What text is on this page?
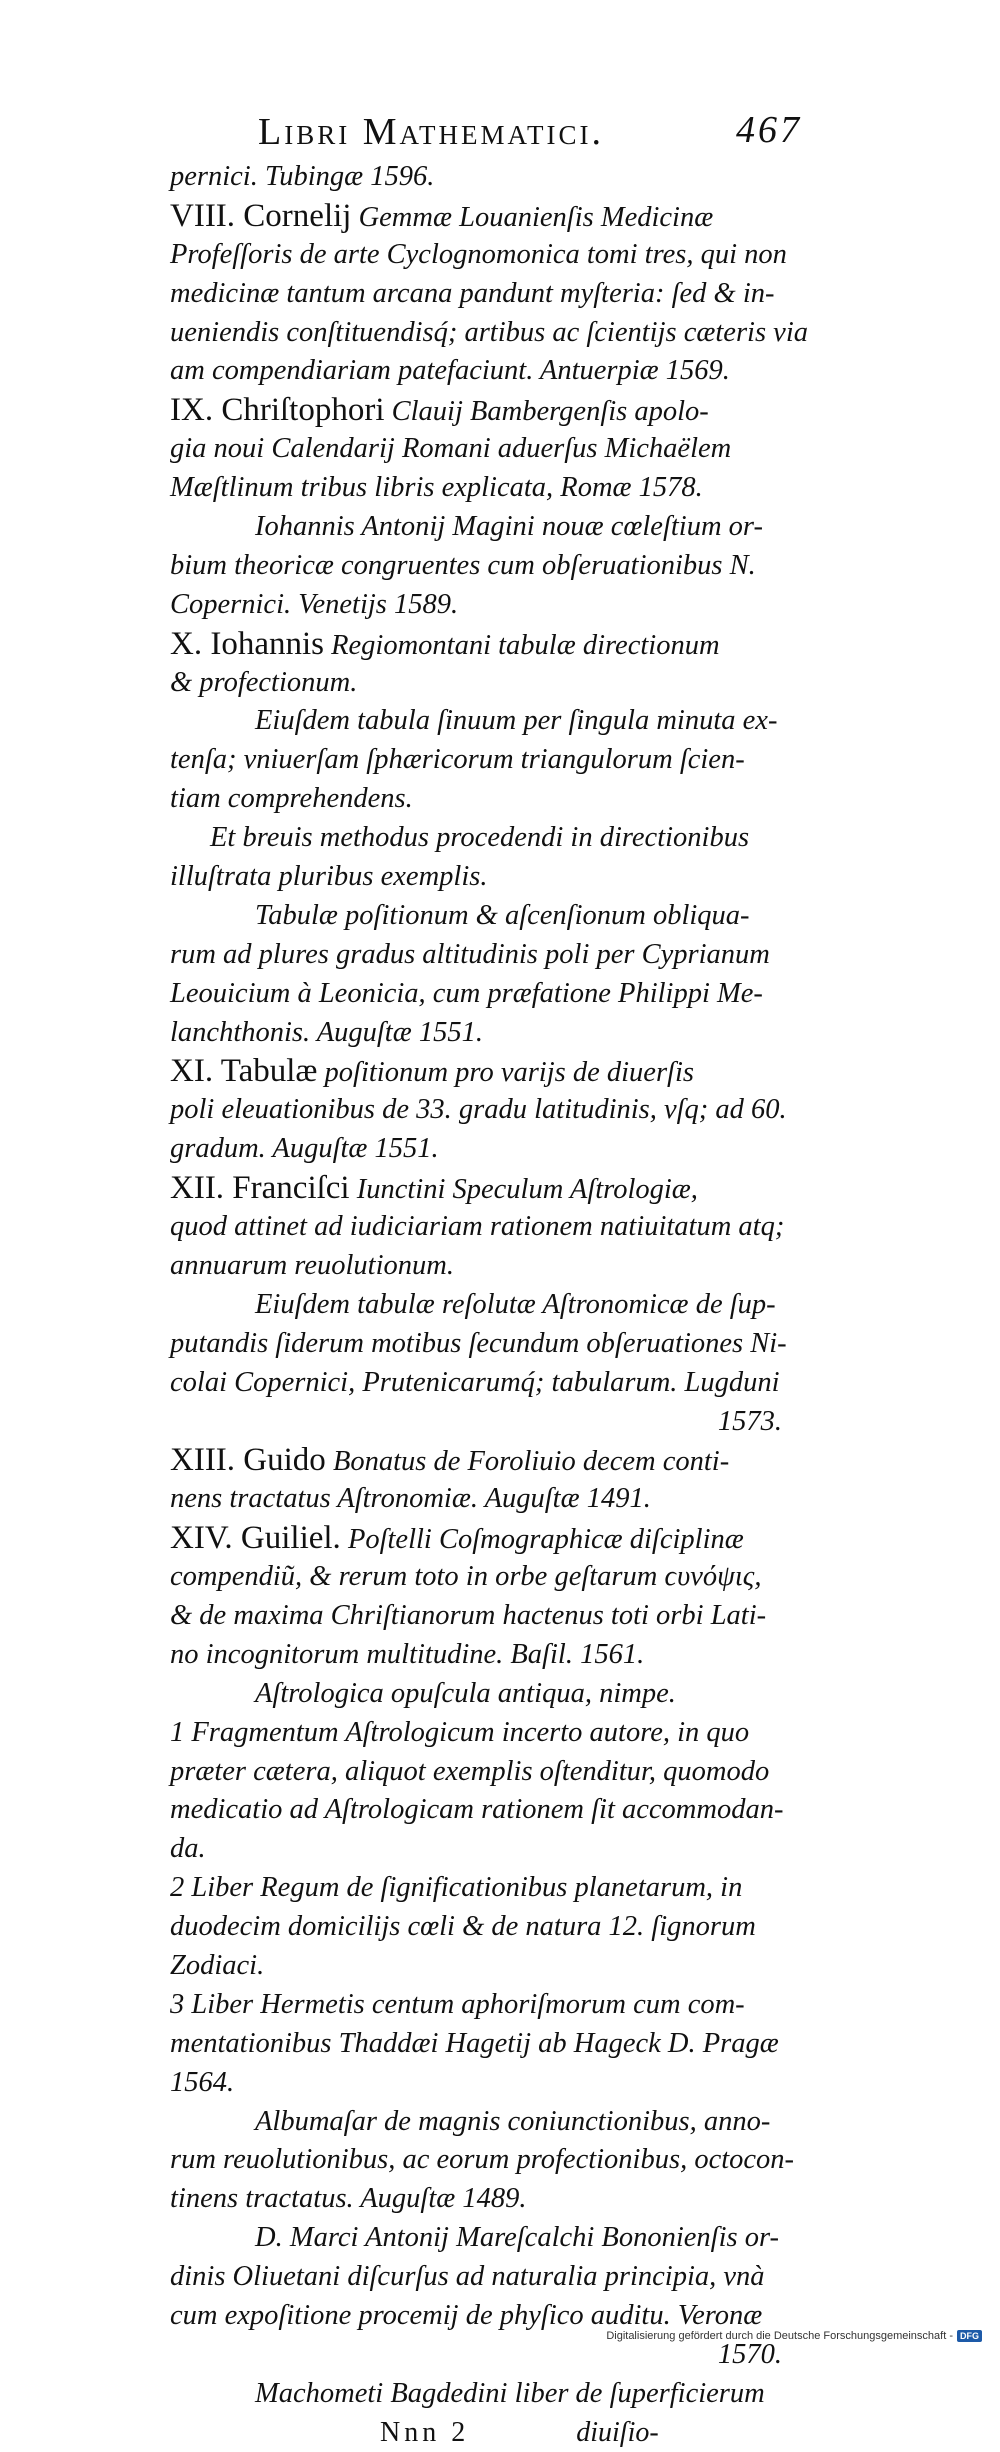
Libri Mathematici.	467
pernici. Tubingæ 1596.
VIII. Cornelij Gemmæ Louanienſis Medicinæ
Profeſſoris de arte Cyclognomonica tomi tres, qui non
medicinæ tantum arcana pandunt myſteria: ſed & in-
ueniendis conſtituendisq́; artibus ac ſcientijs cæteris via
am compendiariam patefaciunt. Antuerpiæ 1569.
IX. Chriſtophori Clauij Bambergenſis apolo-
gia noui Calendarij Romani aduerſus Michaëlem
Mæſtlinum tribus libris explicata, Romæ 1578.
Iohannis Antonij Magini nouæ cœleſtium or-
bium theoricæ congruentes cum obſeruationibus N.
Copernici. Venetijs 1589.
X. Iohannis Regiomontani tabulæ directionum
& profectionum.
Eiuſdem tabula ſinuum per ſingula minuta ex-
tenſa; vniuerſam ſphæricorum triangulorum ſcien-
tiam comprehendens.
Et breuis methodus procedendi in directionibus
illuſtrata pluribus exemplis.
Tabulæ poſitionum & aſcenſionum obliqua-
rum ad plures gradus altitudinis poli per Cyprianum
Leouicium à Leonicia, cum præfatione Philippi Me-
lanchthonis. Auguſtæ 1551.
XI. Tabulæ poſitionum pro varijs de diuerſis
poli eleuationibus de 33. gradu latitudinis, vſq; ad 60.
gradum. Auguſtæ 1551.
XII. Franciſci Iunctini Speculum Aſtrologiæ,
quod attinet ad iudiciariam rationem natiuitatum atq;
annuarum reuolutionum.
Eiuſdem tabulæ reſolutæ Aſtronomicæ de ſup-
putandis ſiderum motibus ſecundum obſeruationes Ni-
colai Copernici, Prutenicarumq́; tabularum. Lugduni
1573.
XIII. Guido Bonatus de Foroliuio decem conti-
nens tractatus Aſtronomiæ. Auguſtæ 1491.
XIV. Guiliel. Poſtelli Coſmographicæ diſciplinæ
compendiũ, & rerum toto in orbe geſtarum ϲυνόψις,
& de maxima Chriſtianorum hactenus toti orbi Lati-
no incognitorum multitudine. Baſil. 1561.
Aſtrologica opuſcula antiqua, nimpe.
1 Fragmentum Aſtrologicum incerto autore, in quo
præter cætera, aliquot exemplis oſtenditur, quomodo
medicatio ad Aſtrologicam rationem ſit accommodan-
da.
2 Liber Regum de ſignificationibus planetarum, in
duodecim domicilijs cœli & de natura 12. ſignorum
Zodiaci.
3 Liber Hermetis centum aphoriſmorum cum com-
mentationibus Thaddæi Hagetij ab Hageck D. Pragæ
1564.
Albumaſar de magnis coniunctionibus, anno-
rum reuolutionibus, ac eorum profectionibus, octocon-
tinens tractatus. Auguſtæ 1489.
D. Marci Antonij Mareſcalchi Bononienſis or-
dinis Oliuetani diſcurſus ad naturalia principia, vnà
cum expoſitione procemij de phyſico auditu. Veronæ
1570.
Machometi Bagdedini liber de ſuperficierum
Nnn 2	diuiſio-
Digitalisierung gefördert durch die Deutsche Forschungsgemeinschaft - DFG
